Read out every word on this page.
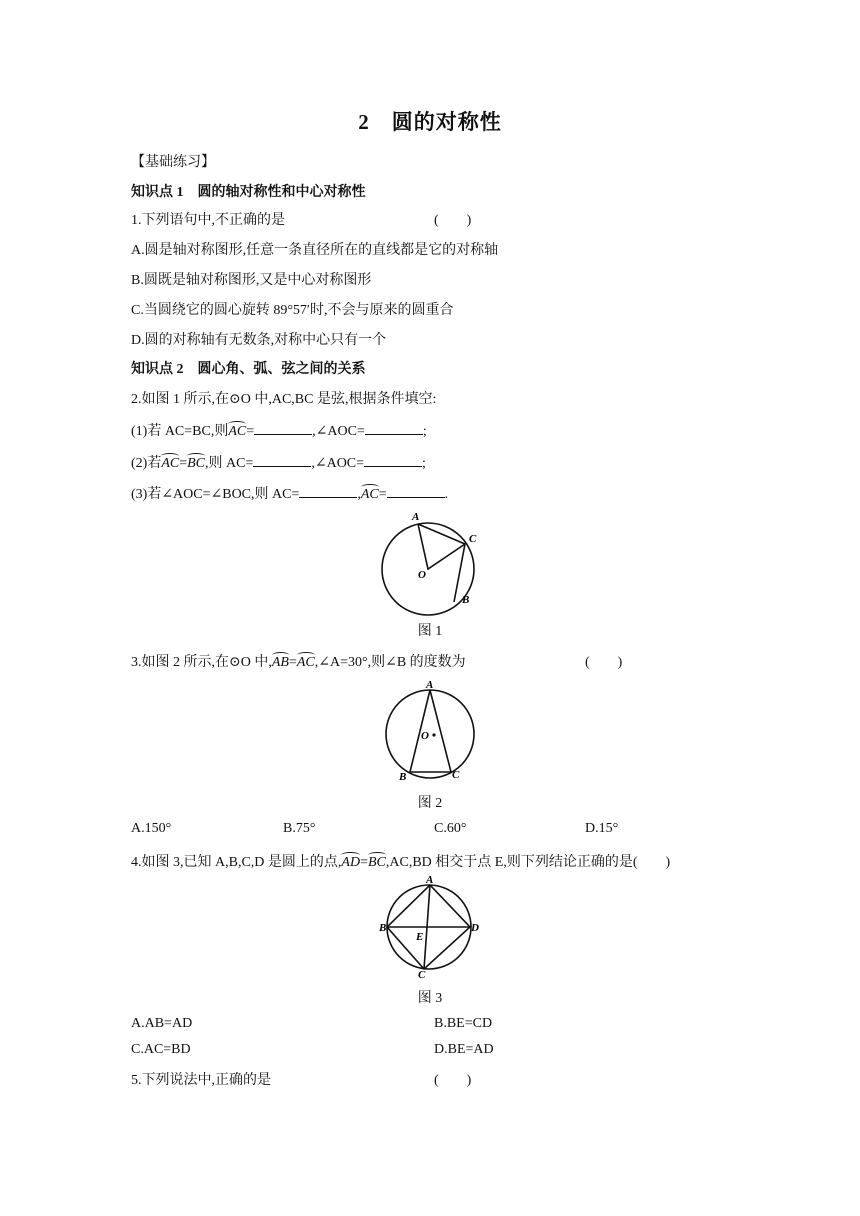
2　圆的对称性
【基础练习】
知识点 1　圆的轴对称性和中心对称性
1.下列语句中,不正确的是	(　　)
A.圆是轴对称图形,任意一条直径所在的直线都是它的对称轴
B.圆既是轴对称图形,又是中心对称图形
C.当圆绕它的圆心旋转 89°57′时,不会与原来的圆重合
D.圆的对称轴有无数条,对称中心只有一个
知识点 2　圆心角、弧、弦之间的关系
2.如图 1 所示,在⊙O 中,AC,BC 是弦,根据条件填空:
(1)若 AC=BC,则AC=	,∠AOC=	;
(2)若AC=BC,则 AC=	,∠AOC=	;
(3)若∠AOC=∠BOC,则 AC=	,AC=	.
A
C
O
B
图 1
3.如图 2 所示,在⊙O 中,AB=AC,∠A=30°,则∠B 的度数为	(　　)
A
O
B	C
图 2
A.150°	B.75°	C.60°	D.15°
4.如图 3,已知 A,B,C,D 是圆上的点,AD=BC,AC,BD 相交于点 E,则下列结论正确的是(　　)
A
B
E
D
C
图 3
A.AB=AD	B.BE=CD
C.AC=BD	D.BE=AD
5.下列说法中,正确的是	(　　)
